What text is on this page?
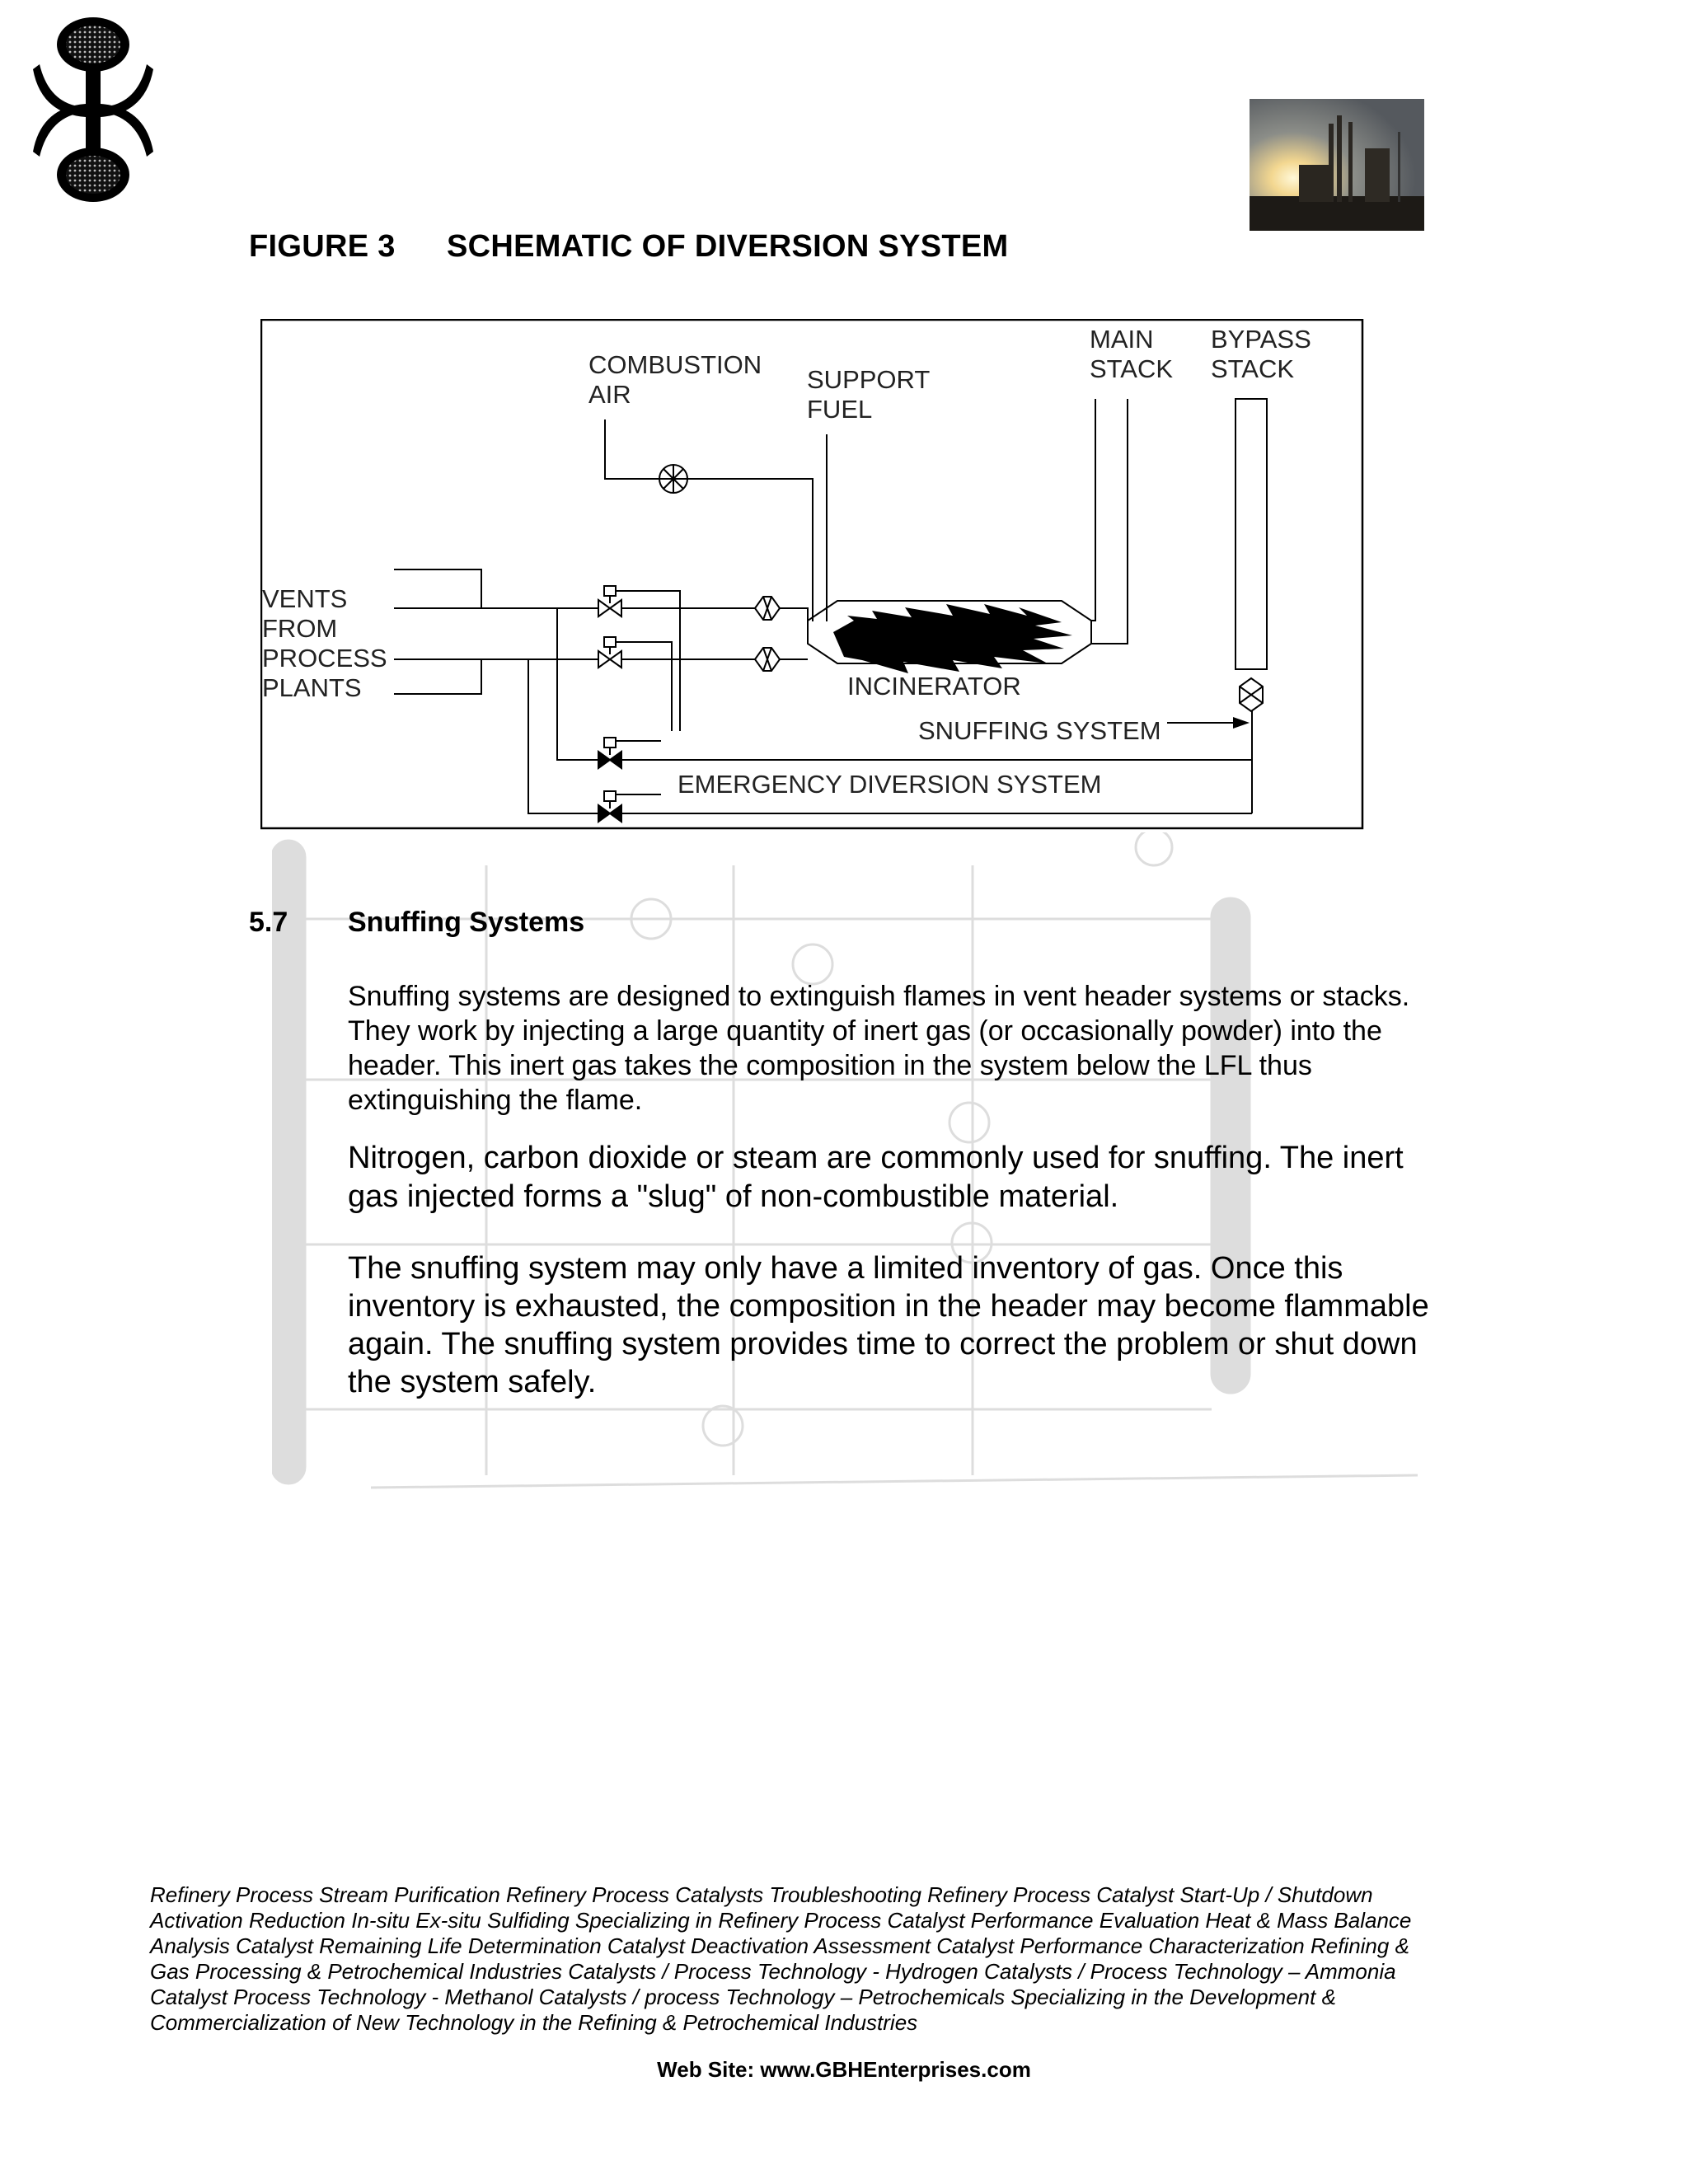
FIGURE 3 SCHEMATIC OF DIVERSION SYSTEM
COMBUSTION
AIR
SUPPORT
FUEL
MAIN
STACK
BYPASS
STACK
VENTS
FROM
PROCESS
PLANTS	INCINERATOR
SNUFFING SYSTEM
EMERGENCY DIVERSION SYSTEM
5.7 Snuffing Systems

Snuffing systems are designed to extinguish flames in vent header systems or stacks. They work by injecting a large quantity of inert gas (or occasionally powder) into the header. This inert gas takes the composition in the system below the LFL thus extinguishing the flame.

Nitrogen, carbon dioxide or steam are commonly used for snuffing. The inert gas injected forms a "slug" of non-combustible material.

The snuffing system may only have a limited inventory of gas. Once this inventory is exhausted, the composition in the header may become flammable again. The snuffing system provides time to correct the problem or shut down the system safely.

Refinery Process Stream Purification Refinery Process Catalysts Troubleshooting Refinery Process Catalyst Start-Up / Shutdown Activation Reduction In-situ Ex-situ Sulfiding Specializing in Refinery Process Catalyst Performance Evaluation Heat & Mass Balance Analysis Catalyst Remaining Life Determination Catalyst Deactivation Assessment Catalyst Performance Characterization Refining & Gas Processing & Petrochemical Industries Catalysts / Process Technology - Hydrogen Catalysts / Process Technology – Ammonia Catalyst Process Technology - Methanol Catalysts / process Technology – Petrochemicals Specializing in the Development & Commercialization of New Technology in the Refining & Petrochemical Industries

Web Site: www.GBHEnterprises.com
